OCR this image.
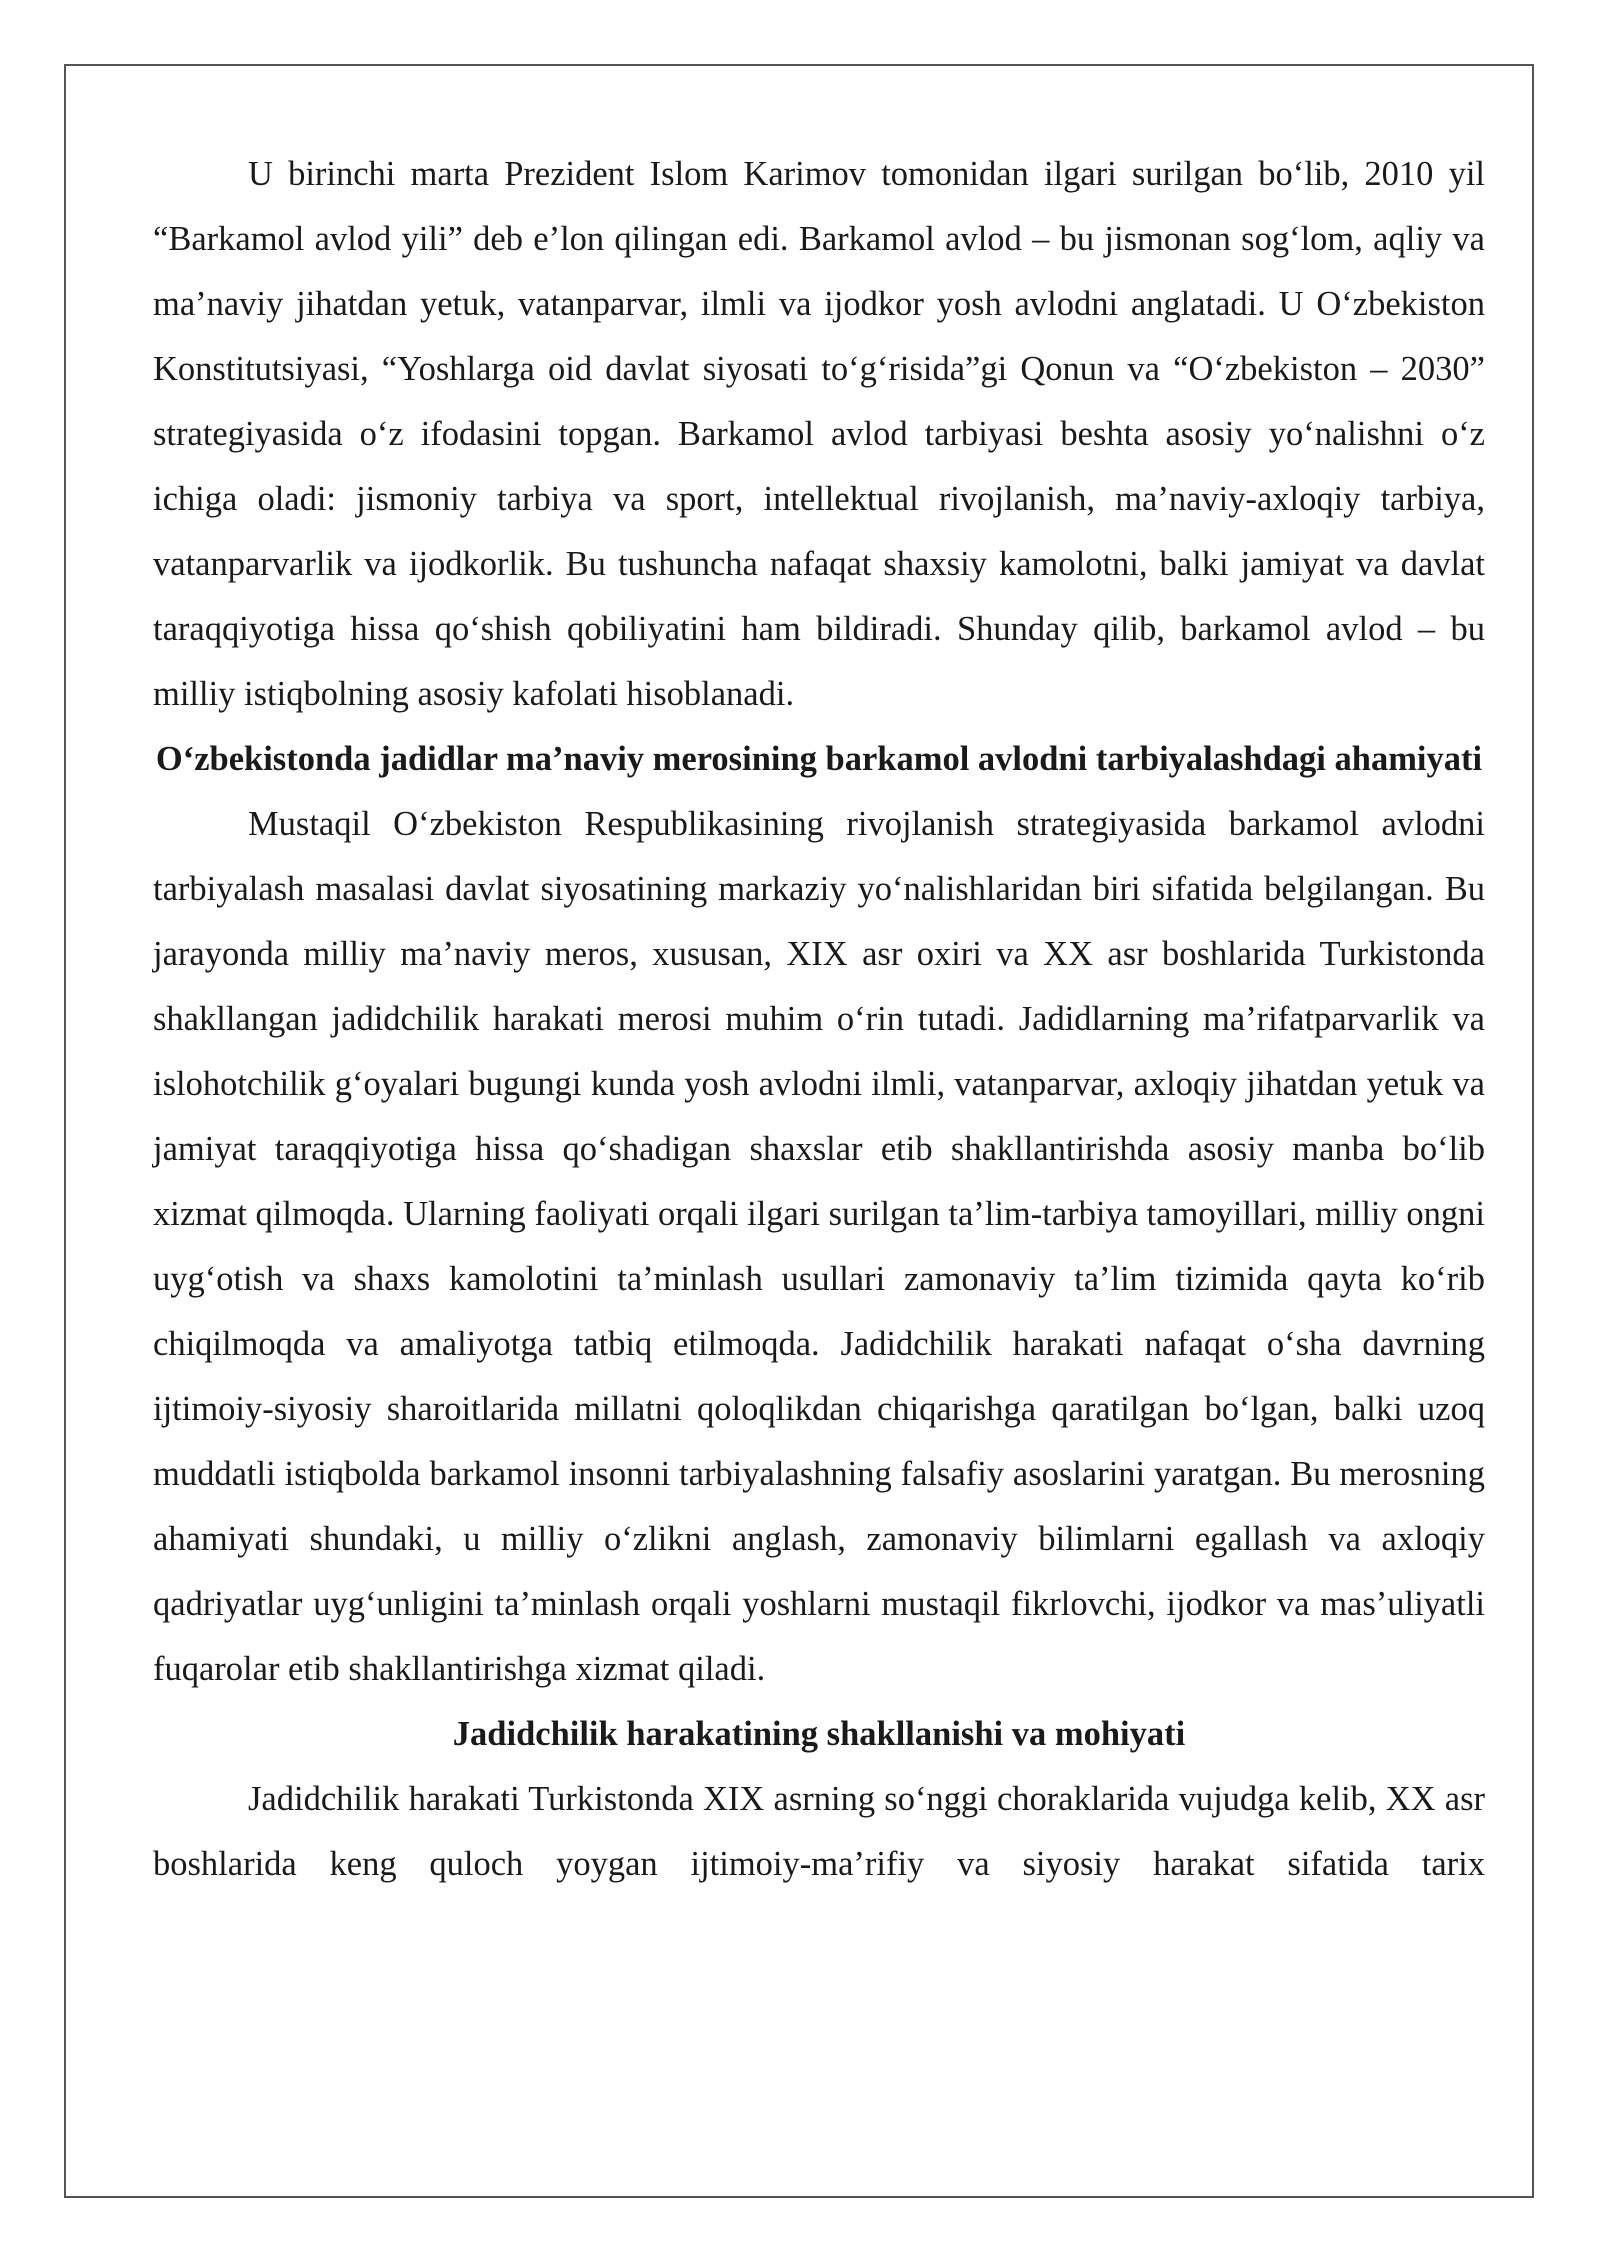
U birinchi marta Prezident Islom Karimov tomonidan ilgari surilgan bo‘lib, 2010 yil “Barkamol avlod yili” deb e’lon qilingan edi. Barkamol avlod – bu jismonan sog‘lom, aqliy va ma’naviy jihatdan yetuk, vatanparvar, ilmli va ijodkor yosh avlodni anglatadi. U O‘zbekiston Konstitutsiyasi, “Yoshlarga oid davlat siyosati to‘g‘risida”gi Qonun va “O‘zbekiston – 2030” strategiyasida o‘z ifodasini topgan. Barkamol avlod tarbiyasi beshta asosiy yo‘nalishni o‘z ichiga oladi: jismoniy tarbiya va sport, intellektual rivojlanish, ma’naviy-axloqiy tarbiya, vatanparvarlik va ijodkorlik. Bu tushuncha nafaqat shaxsiy kamolotni, balki jamiyat va davlat taraqqiyotiga hissa qo‘shish qobiliyatini ham bildiradi. Shunday qilib, barkamol avlod – bu milliy istiqbolning asosiy kafolati hisoblanadi.

O‘zbekistonda jadidlar ma’naviy merosining barkamol avlodni tarbiyalashdagi ahamiyati

Mustaqil O‘zbekiston Respublikasining rivojlanish strategiyasida barkamol avlodni tarbiyalash masalasi davlat siyosatining markaziy yo‘nalishlaridan biri sifatida belgilangan. Bu jarayonda milliy ma’naviy meros, xususan, XIX asr oxiri va XX asr boshlarida Turkistonda shakllangan jadidchilik harakati merosi muhim o‘rin tutadi. Jadidlarning ma’rifatparvarlik va islohotchilik g‘oyalari bugungi kunda yosh avlodni ilmli, vatanparvar, axloqiy jihatdan yetuk va jamiyat taraqqiyotiga hissa qo‘shadigan shaxslar etib shakllantirishda asosiy manba bo‘lib xizmat qilmoqda. Ularning faoliyati orqali ilgari surilgan ta’lim-tarbiya tamoyillari, milliy ongni uyg‘otish va shaxs kamolotini ta’minlash usullari zamonaviy ta’lim tizimida qayta ko‘rib chiqilmoqda va amaliyotga tatbiq etilmoqda. Jadidchilik harakati nafaqat o‘sha davrning ijtimoiy-siyosiy sharoitlarida millatni qoloqlikdan chiqarishga qaratilgan bo‘lgan, balki uzoq muddatli istiqbolda barkamol insonni tarbiyalashning falsafiy asoslarini yaratgan. Bu merosning ahamiyati shundaki, u milliy o‘zlikni anglash, zamonaviy bilimlarni egallash va axloqiy qadriyatlar uyg‘unligini ta’minlash orqali yoshlarni mustaqil fikrlovchi, ijodkor va mas’uliyatli fuqarolar etib shakllantirishga xizmat qiladi.

Jadidchilik harakatining shakllanishi va mohiyati

Jadidchilik harakati Turkistonda XIX asrning so‘nggi choraklarida vujudga kelib, XX asr boshlarida keng quloch yoygan ijtimoiy-ma’rifiy va siyosiy harakat sifatida tarix
